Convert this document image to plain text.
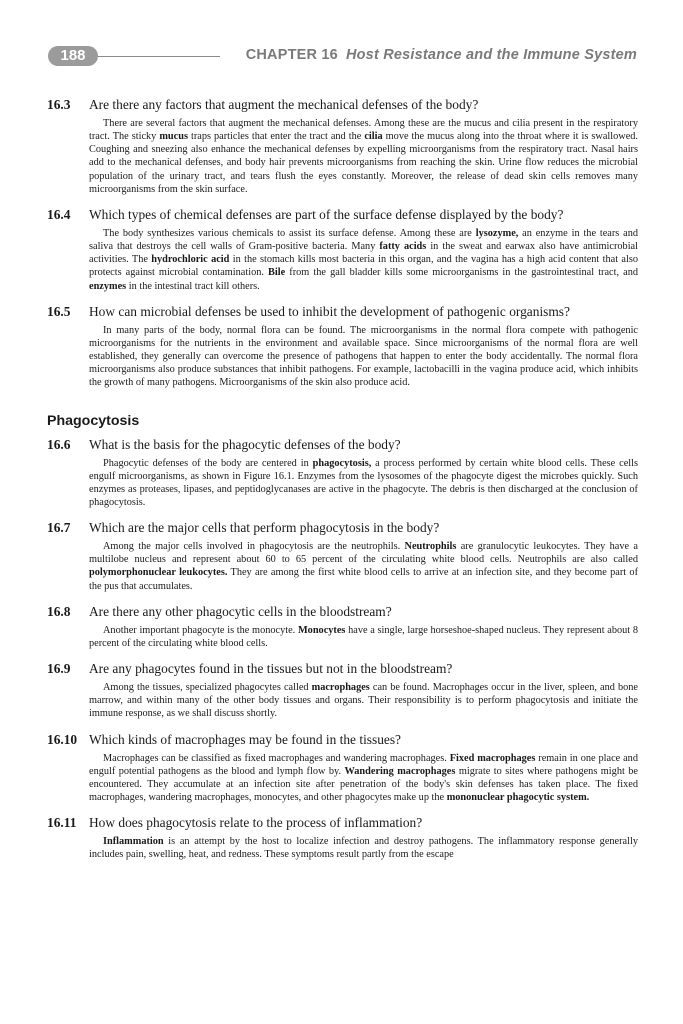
188	CHAPTER 16 Host Resistance and the Immune System
16.3	Are there any factors that augment the mechanical defenses of the body?

There are several factors that augment the mechanical defenses. Among these are the mucus and cilia present in the respiratory tract. The sticky mucus traps particles that enter the tract and the cilia move the mucus along into the throat where it is swallowed. Coughing and sneezing also enhance the mechanical defenses by expelling microorganisms from the respiratory tract. Nasal hairs add to the mechanical defenses, and body hair prevents microorganisms from reaching the skin. Urine flow reduces the microbial population of the urinary tract, and tears flush the eyes constantly. Moreover, the release of dead skin cells removes many microorganisms from the skin surface.

16.4	Which types of chemical defenses are part of the surface defense displayed by the body?

The body synthesizes various chemicals to assist its surface defense. Among these are lysozyme, an enzyme in the tears and saliva that destroys the cell walls of Gram-positive bacteria. Many fatty acids in the sweat and earwax also have antimicrobial activities. The hydrochloric acid in the stomach kills most bacteria in this organ, and the vagina has a high acid content that also protects against microbial contamination. Bile from the gall bladder kills some microorganisms in the gastrointestinal tract, and enzymes in the intestinal tract kill others.

16.5	How can microbial defenses be used to inhibit the development of pathogenic organisms?

In many parts of the body, normal flora can be found. The microorganisms in the normal flora compete with pathogenic microorganisms for the nutrients in the environment and available space. Since microorganisms of the normal flora are well established, they generally can overcome the presence of pathogens that happen to enter the body accidentally. The normal flora microorganisms also produce substances that inhibit pathogens. For example, lactobacilli in the vagina produce acid, which inhibits the growth of many pathogens. Microorganisms of the skin also produce acid.

Phagocytosis
16.6	What is the basis for the phagocytic defenses of the body?

Phagocytic defenses of the body are centered in phagocytosis, a process performed by certain white blood cells. These cells engulf microorganisms, as shown in Figure 16.1. Enzymes from the lysosomes of the phagocyte digest the microbes quickly. Such enzymes as proteases, lipases, and peptidoglycanases are active in the phagocyte. The debris is then discharged at the conclusion of phagocytosis.

16.7	Which are the major cells that perform phagocytosis in the body?

Among the major cells involved in phagocytosis are the neutrophils. Neutrophils are granulocytic leukocytes. They have a multilobe nucleus and represent about 60 to 65 percent of the circulating white blood cells. Neutrophils are also called polymorphonuclear leukocytes. They are among the first white blood cells to arrive at an infection site, and they become part of the pus that accumulates.

16.8	Are there any other phagocytic cells in the bloodstream?

Another important phagocyte is the monocyte. Monocytes have a single, large horseshoe-shaped nucleus. They represent about 8 percent of the circulating white blood cells.

16.9	Are any phagocytes found in the tissues but not in the bloodstream?

Among the tissues, specialized phagocytes called macrophages can be found. Macrophages occur in the liver, spleen, and bone marrow, and within many of the other body tissues and organs. Their responsibility is to perform phagocytosis and initiate the immune response, as we shall discuss shortly.

16.10 Which kinds of macrophages may be found in the tissues?

Macrophages can be classified as fixed macrophages and wandering macrophages. Fixed macrophages remain in one place and engulf potential pathogens as the blood and lymph flow by. Wandering macrophages migrate to sites where pathogens might be encountered. They accumulate at an infection site after penetration of the body's skin defenses has taken place. The fixed macrophages, wandering macrophages, monocytes, and other phagocytes make up the mononuclear phagocytic system.

16.11 How does phagocytosis relate to the process of inflammation?

Inflammation is an attempt by the host to localize infection and destroy pathogens. The inflammatory response generally includes pain, swelling, heat, and redness. These symptoms result partly from the escape
